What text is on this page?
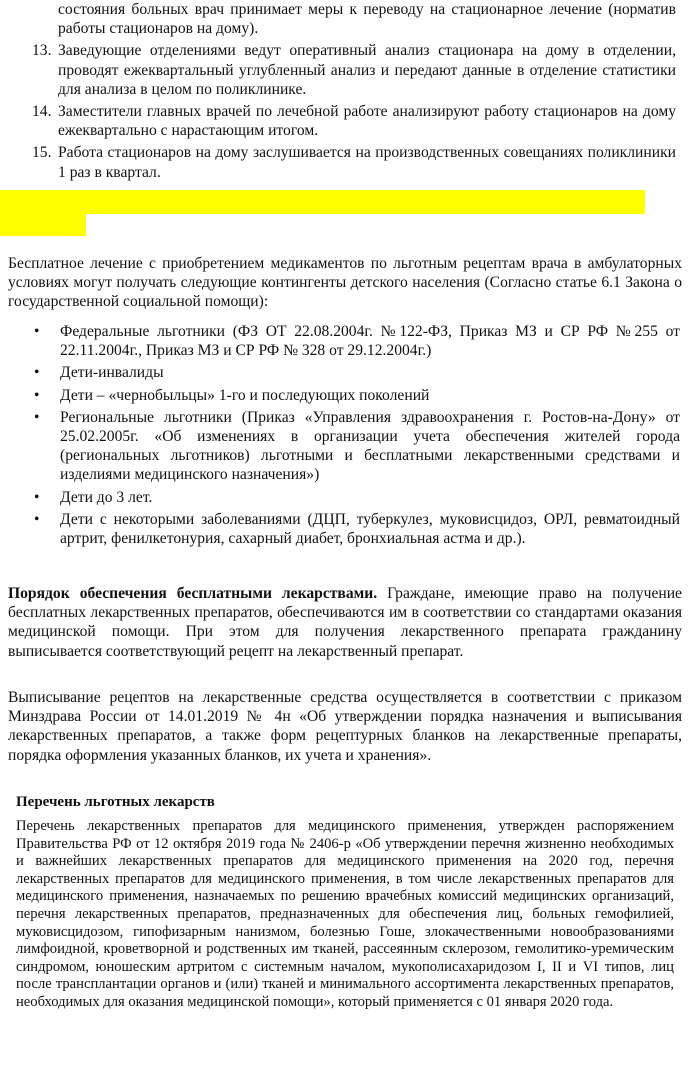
состояния больных врач принимает меры к переводу на стационарное лечение (норматив работы стационаров на дому).
13. Заведующие отделениями ведут оперативный анализ стационара на дому в отделении, проводят ежеквартальный углубленный анализ и передают данные в отделение статистики для анализа в целом по поликлинике.
14. Заместители главных врачей по лечебной работе анализируют работу стационаров на дому ежеквартально с нарастающим итогом.
15. Работа стационаров на дому заслушивается на производственных совещаниях поликлиники 1 раз в квартал.
Бесплатное лечение с приобретением медикаментов по льготным рецептам врача в амбулаторных условиях могут получать следующие контингенты детского населения (Согласно статье 6.1 Закона о государственной социальной помощи):
• Федеральные льготники (ФЗ ОТ 22.08.2004г. №122-ФЗ, Приказ МЗ и СР РФ №255 от 22.11.2004г., Приказ МЗ и СР РФ № 328 от 29.12.2004г.)
• Дети-инвалиды
• Дети – «чернобыльцы» 1-го и последующих поколений
• Региональные льготники (Приказ «Управления здравоохранения г. Ростов-на-Дону» от 25.02.2005г. «Об изменениях в организации учета обеспечения жителей города (региональных льготников) льготными и бесплатными лекарственными средствами и изделиями медицинского назначения»)
• Дети до 3 лет.
• Дети с некоторыми заболеваниями (ДЦП, туберкулез, муковисцидоз, ОРЛ, ревматоидный артрит, фенилкетонурия, сахарный диабет, бронхиальная астма и др.).
Порядок обеспечения бесплатными лекарствами. Граждане, имеющие право на получение бесплатных лекарственных препаратов, обеспечиваются им в соответствии со стандартами оказания медицинской помощи. При этом для получения лекарственного препарата гражданину выписывается соответствующий рецепт на лекарственный препарат.
Выписывание рецептов на лекарственные средства осуществляется в соответствии с приказом Минздрава России от 14.01.2019 № 4н «Об утверждении порядка назначения и выписывания лекарственных препаратов, а также форм рецептурных бланков на лекарственные препараты, порядка оформления указанных бланков, их учета и хранения».
Перечень льготных лекарств
Перечень лекарственных препаратов для медицинского применения, утвержден распоряжением Правительства РФ от 12 октября 2019 года № 2406-р «Об утверждении перечня жизненно необходимых и важнейших лекарственных препаратов для медицинского применения на 2020 год, перечня лекарственных препаратов для медицинского применения, в том числе лекарственных препаратов для медицинского применения, назначаемых по решению врачебных комиссий медицинских организаций, перечня лекарственных препаратов, предназначенных для обеспечения лиц, больных гемофилией, муковисцидозом, гипофизарным нанизмом, болезнью Гоше, злокачественными новообразованиями лимфоидной, кроветворной и родственных им тканей, рассеянным склерозом, гемолитико-уремическим синдромом, юношеским артритом с системным началом, мукополисахаридозом I, II и VI типов, лиц после трансплантации органов и (или) тканей и минимального ассортимента лекарственных препаратов, необходимых для оказания медицинской помощи», который применяется с 01 января 2020 года.
